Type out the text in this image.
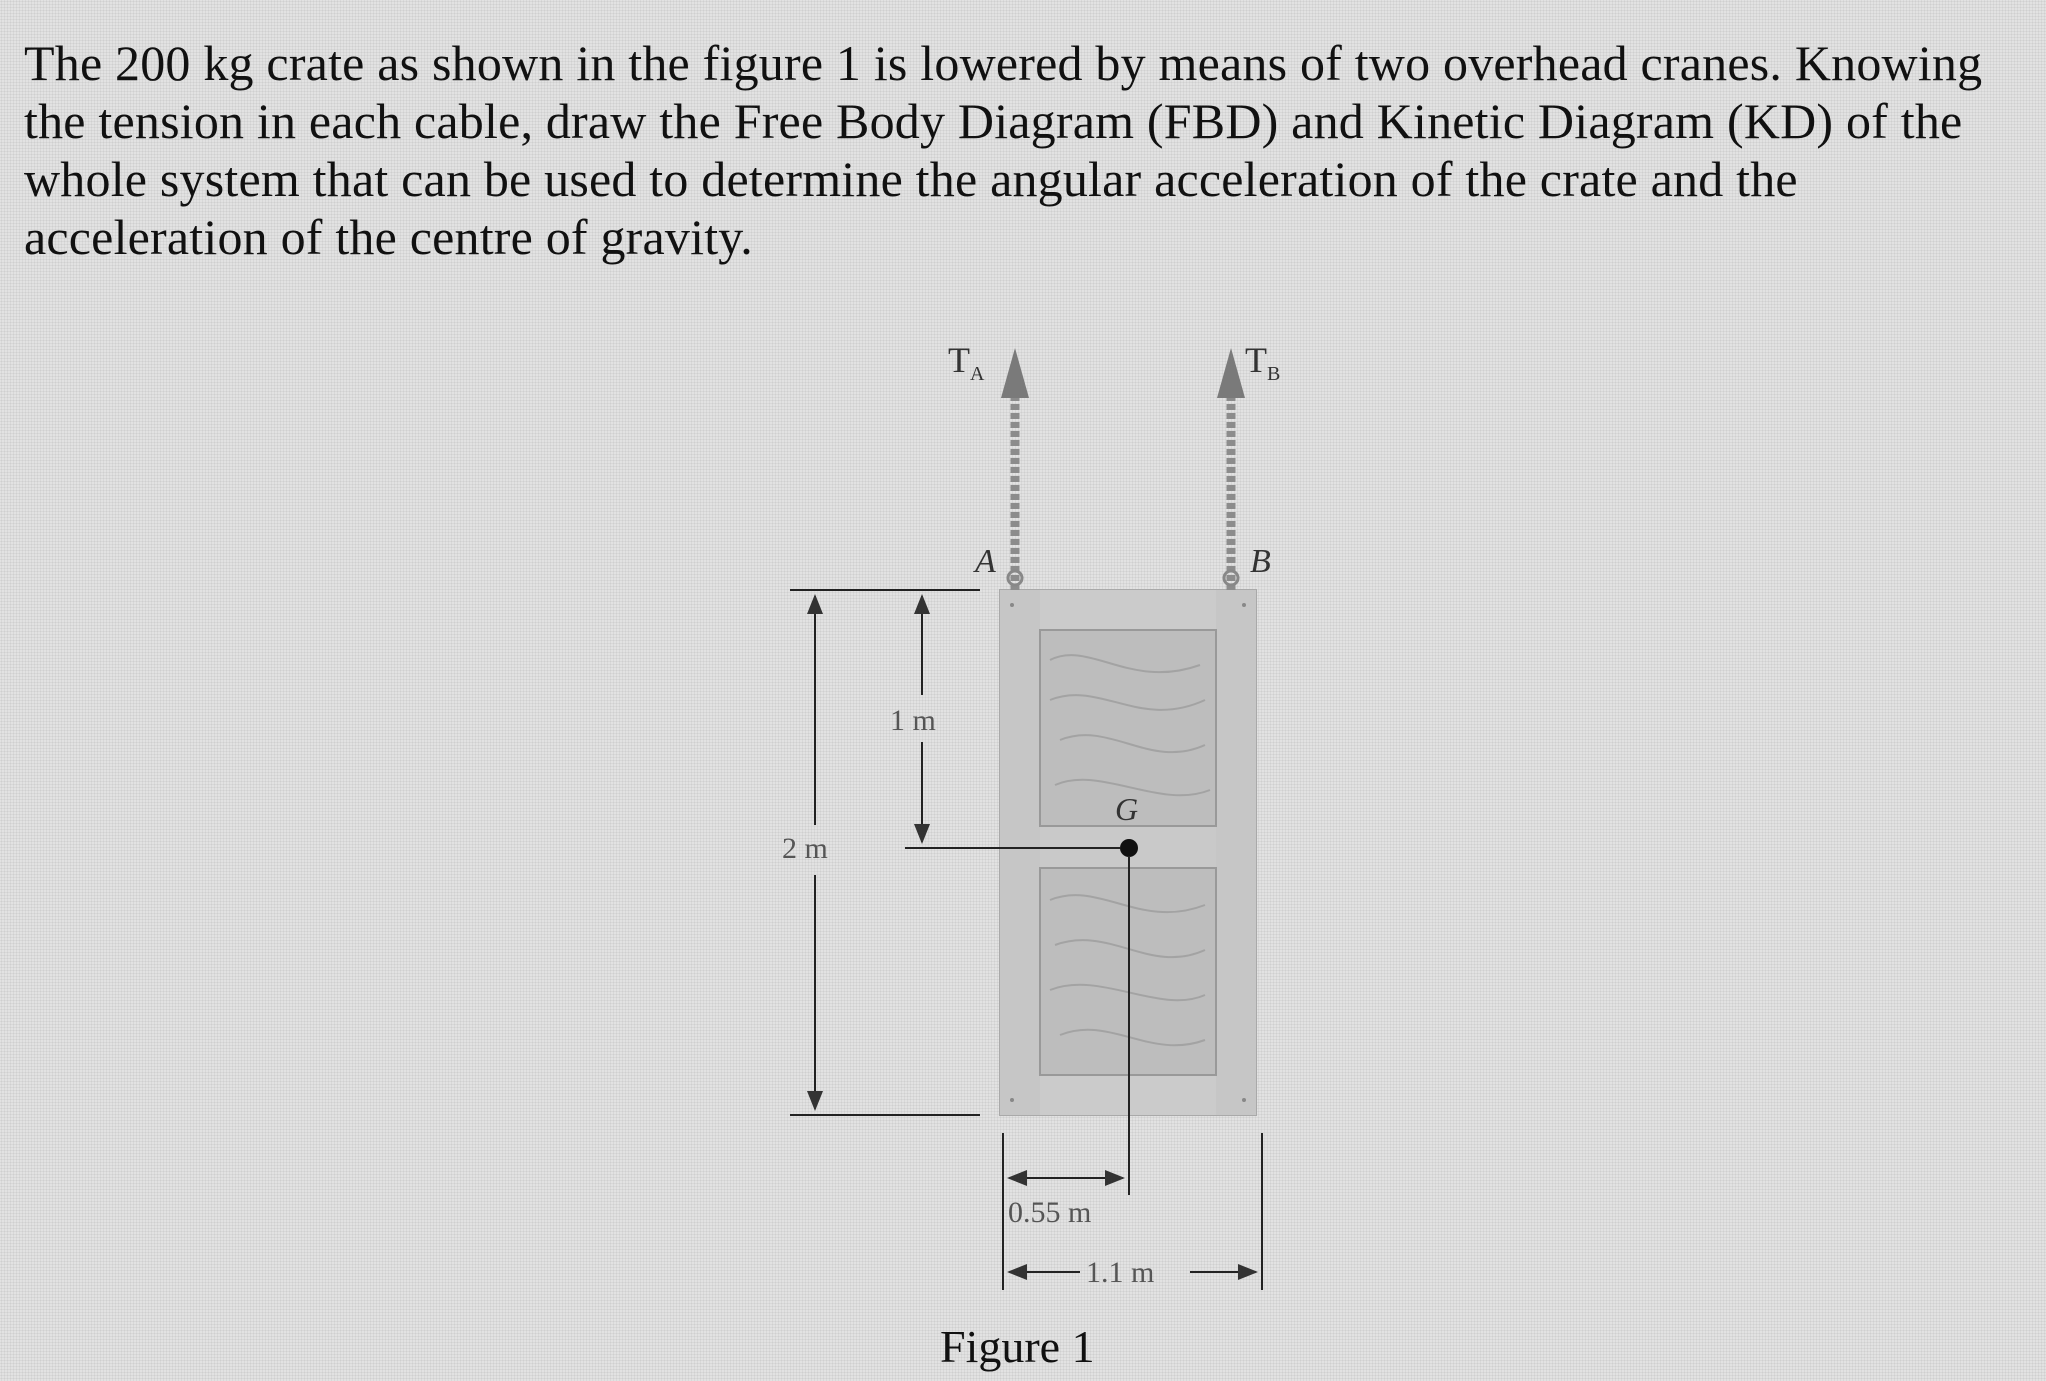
The 200 kg crate as shown in the figure 1 is lowered by means of two overhead cranes. Knowing the tension in each cable, draw the Free Body Diagram (FBD) and Kinetic Diagram (KD) of the whole system that can be used to determine the angular acceleration of the crate and the acceleration of the centre of gravity.

$T_A$	$T_B$
A	B
G
2 m
1 m
0.55 m
1.1 m
Figure 1
